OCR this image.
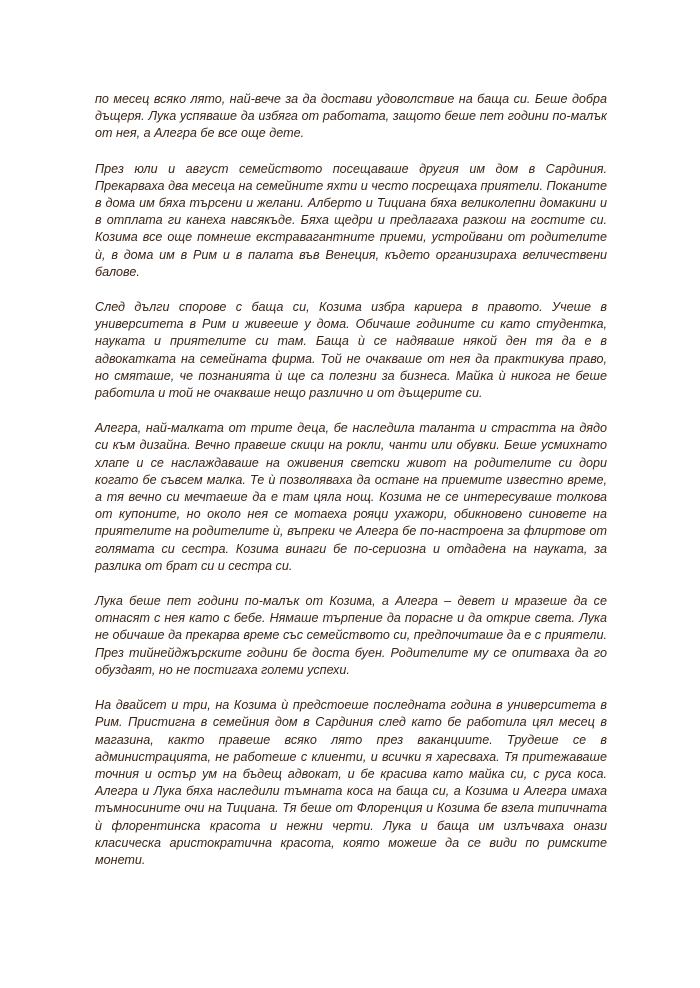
по месец всяко лято, най-вече за да достави удоволствие на баща си. Беше добра дъщеря. Лука успяваше да избяга от работата, защото беше пет години по-малък от нея, а Алегра бе все още дете.

През юли и август семейството посещаваше другия им дом в Сардиния. Прекарваха два месеца на семейните яхти и често посрещаха приятели. Поканите в дома им бяха търсени и желани. Алберто и Тициана бяха великолепни домакини и в отплата ги канеха навсякъде. Бяха щедри и предлагаха разкош на гостите си. Козима все още помнеше екстравагантните приеми, устройвани от родителите ѝ, в дома им в Рим и в палата във Венеция, където организираха величествени балове.

След дълги спорове с баща си, Козима избра кариера в правото. Учеше в университета в Рим и живееше у дома. Обичаше годините си като студентка, науката и приятелите си там. Баща ѝ се надяваше някой ден тя да е в адвокатката на семейната фирма. Той не очакваше от нея да практикува право, но смяташе, че познанията ѝ ще са полезни за бизнеса. Майка ѝ никога не беше работила и той не очакваше нещо различно и от дъщерите си.

Алегра, най-малката от трите деца, бе наследила таланта и страстта на дядо си към дизайна. Вечно правеше скици на рокли, чанти или обувки. Беше усмихнато хлапе и се наслаждаваше на оживения светски живот на родителите си дори когато бе съвсем малка. Те ѝ позволяваха да остане на приемите известно време, а тя вечно си мечтаеше да е там цяла нощ. Козима не се интересуваше толкова от купоните, но около нея се мотаеха рояци ухажори, обикновено синовете на приятелите на родителите ѝ, въпреки че Алегра бе по-настроена за флиртове от голямата си сестра. Козима винаги бе по-сериозна и отдадена на науката, за разлика от брат си и сестра си.

Лука беше пет години по-малък от Козима, а Алегра – девет и мразеше да се отнасят с нея като с бебе. Нямаше търпение да порасне и да открие света. Лука не обичаше да прекарва време със семейството си, предпочиташе да е с приятели. През тийнейджърските години бе доста буен. Родителите му се опитваха да го обуздаят, но не постигаха големи успехи.

На двайсет и три, на Козима ѝ предстоеше последната година в университета в Рим. Пристигна в семейния дом в Сардиния след като бе работила цял месец в магазина, както правеше всяко лято през ваканциите. Трудеше се в администрацията, не работеше с клиенти, и всички я харесваха. Тя притежаваше точния и остър ум на бъдещ адвокат, и бе красива като майка си, с руса коса. Алегра и Лука бяха наследили тъмната коса на баща си, а Козима и Алегра имаха тъмносините очи на Тициана. Тя беше от Флоренция и Козима бе взела типичната ѝ флорентинска красота и нежни черти. Лука и баща им излъчваха онази класическа аристократична красота, която можеше да се види по римските монети.
